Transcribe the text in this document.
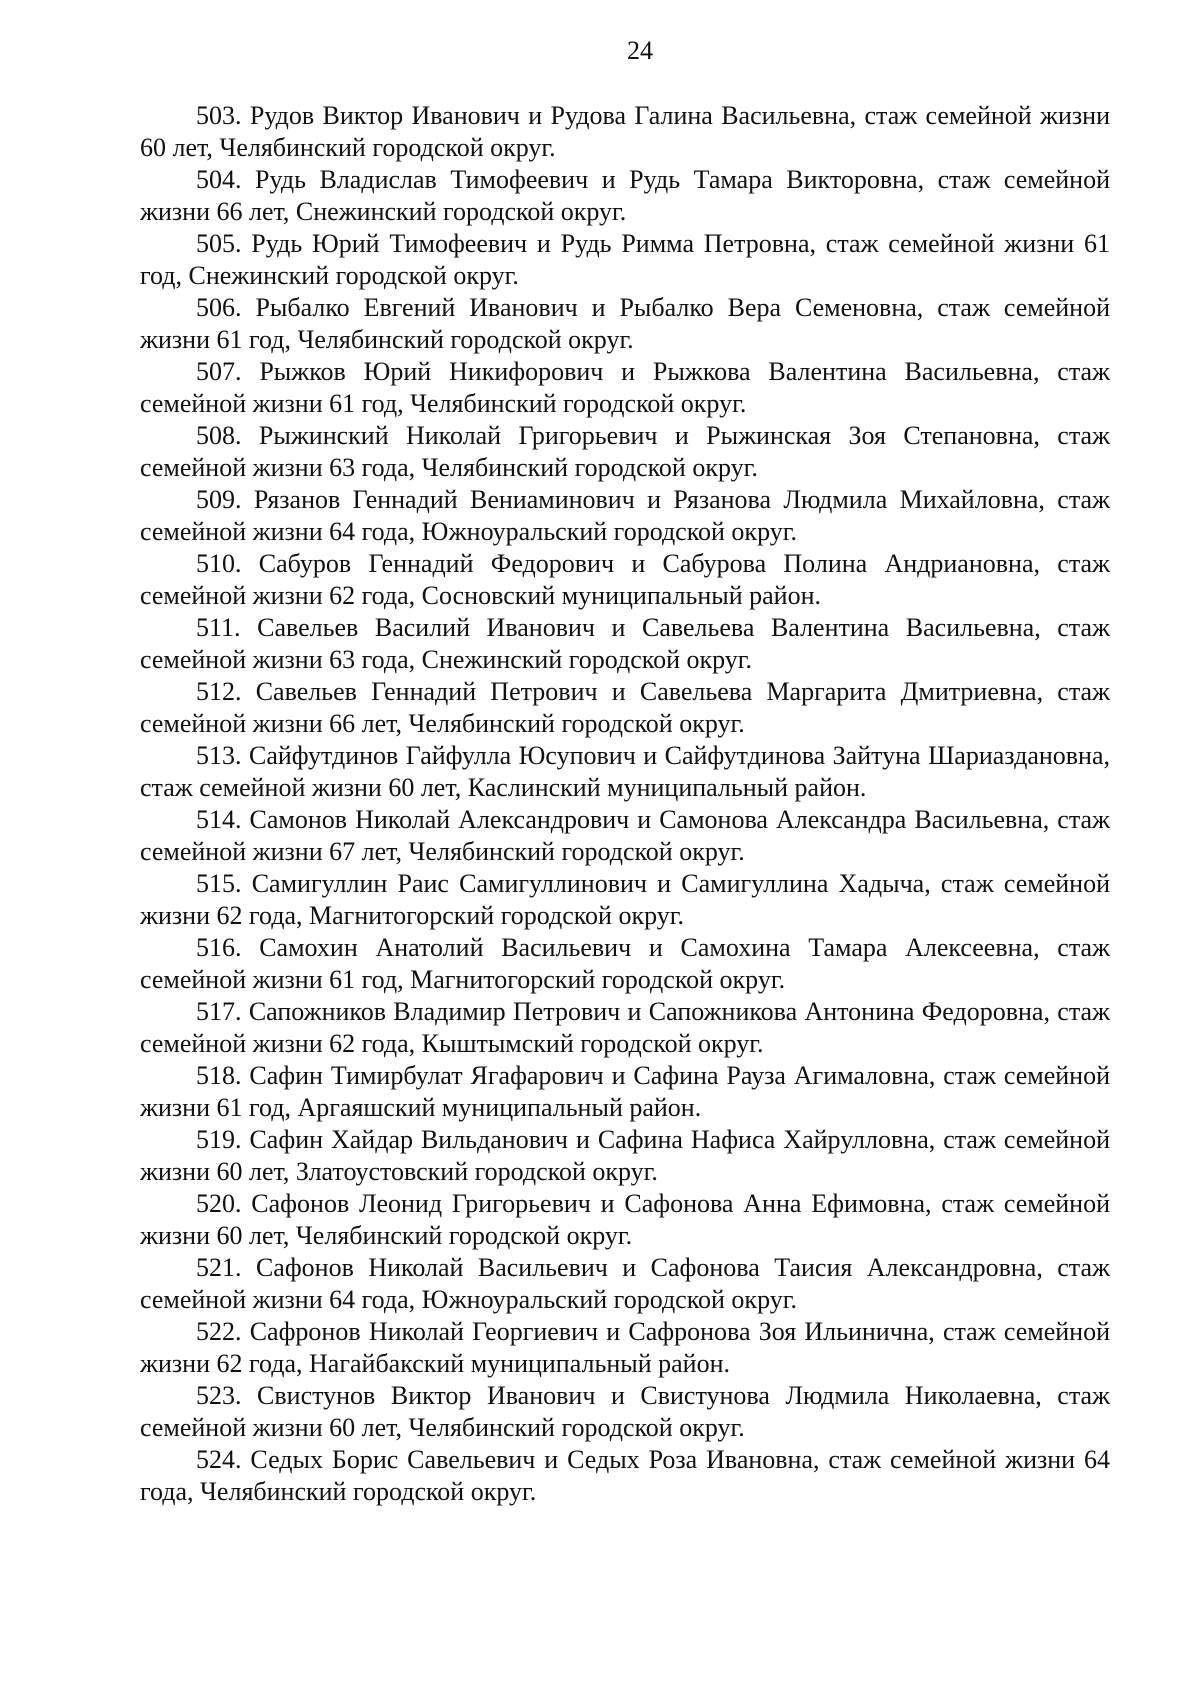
24
503. Рудов Виктор Иванович и Рудова Галина Васильевна, стаж семейной жизни 60 лет, Челябинский городской округ.
504. Рудь Владислав Тимофеевич и Рудь Тамара Викторовна, стаж семейной жизни 66 лет, Снежинский городской округ.
505. Рудь Юрий Тимофеевич и Рудь Римма Петровна, стаж семейной жизни 61 год, Снежинский городской округ.
506. Рыбалко Евгений Иванович и Рыбалко Вера Семеновна, стаж семейной жизни 61 год, Челябинский городской округ.
507. Рыжков Юрий Никифорович и Рыжкова Валентина Васильевна, стаж семейной жизни 61 год, Челябинский городской округ.
508. Рыжинский Николай Григорьевич и Рыжинская Зоя Степановна, стаж семейной жизни 63 года, Челябинский городской округ.
509. Рязанов Геннадий Вениаминович и Рязанова Людмила Михайловна, стаж семейной жизни 64 года, Южноуральский городской округ.
510. Сабуров Геннадий Федорович и Сабурова Полина Андриановна, стаж семейной жизни 62 года, Сосновский муниципальный район.
511. Савельев Василий Иванович и Савельева Валентина Васильевна, стаж семейной жизни 63 года, Снежинский городской округ.
512. Савельев Геннадий Петрович и Савельева Маргарита Дмитриевна, стаж семейной жизни 66 лет, Челябинский городской округ.
513. Сайфутдинов Гайфулла Юсупович и Сайфутдинова Зайтуна Шариаздановна, стаж семейной жизни 60 лет, Каслинский муниципальный район.
514. Самонов Николай Александрович и Самонова Александра Васильевна, стаж семейной жизни 67 лет, Челябинский городской округ.
515. Самигуллин Раис Самигуллинович и Самигуллина Хадыча, стаж семейной жизни 62 года, Магнитогорский городской округ.
516. Самохин Анатолий Васильевич и Самохина Тамара Алексеевна, стаж семейной жизни 61 год, Магнитогорский городской округ.
517. Сапожников Владимир Петрович и Сапожникова Антонина Федоровна, стаж семейной жизни 62 года, Кыштымский городской округ.
518. Сафин Тимирбулат Ягафарович и Сафина Рауза Агималовна, стаж семейной жизни 61 год, Аргаяшский муниципальный район.
519. Сафин Хайдар Вильданович и Сафина Нафиса Хайрулловна, стаж семейной жизни 60 лет, Златоустовский городской округ.
520. Сафонов Леонид Григорьевич и Сафонова Анна Ефимовна, стаж семейной жизни 60 лет, Челябинский городской округ.
521. Сафонов Николай Васильевич и Сафонова Таисия Александровна, стаж семейной жизни 64 года, Южноуральский городской округ.
522. Сафронов Николай Георгиевич и Сафронова Зоя Ильинична, стаж семейной жизни 62 года, Нагайбакский муниципальный район.
523. Свистунов Виктор Иванович и Свистунова Людмила Николаевна, стаж семейной жизни 60 лет, Челябинский городской округ.
524. Седых Борис Савельевич и Седых Роза Ивановна, стаж семейной жизни 64 года, Челябинский городской округ.
